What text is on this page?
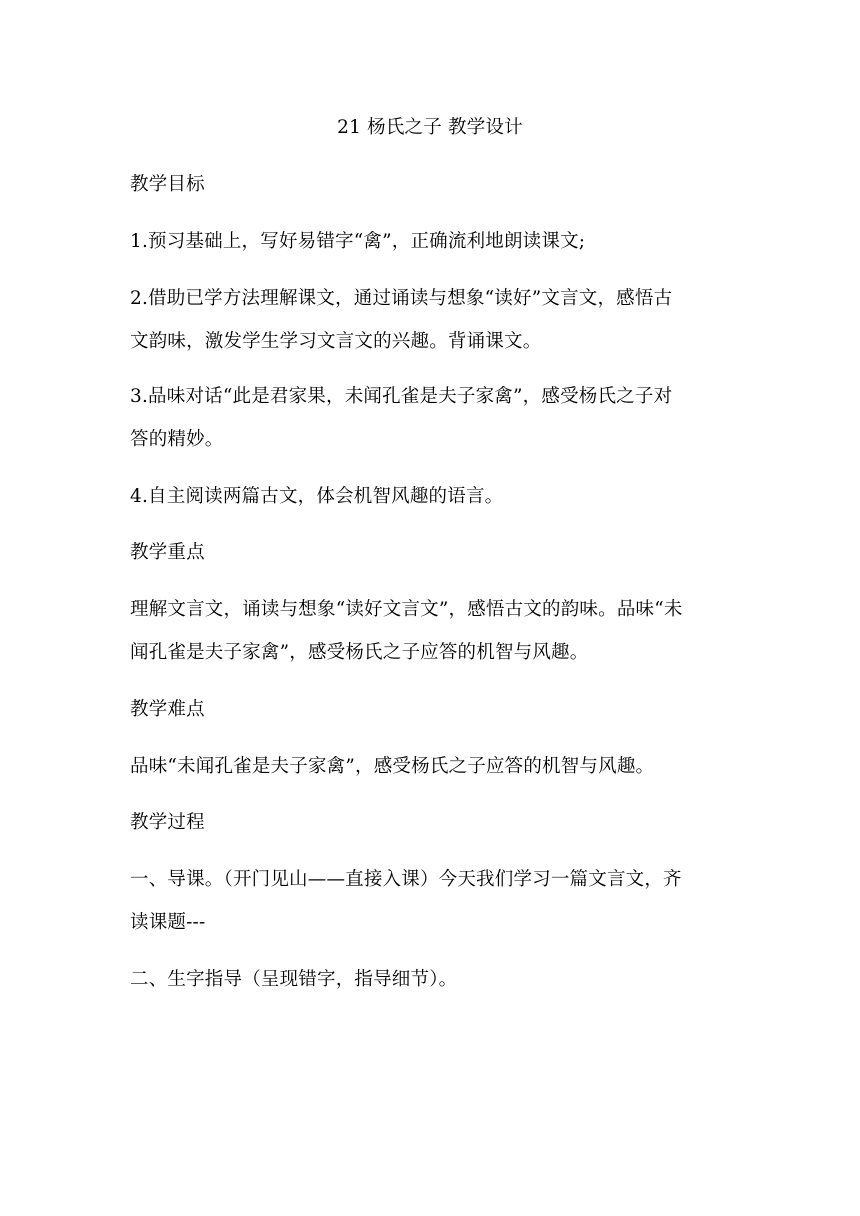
21 杨氏之子 教学设计

教学目标

1.预习基础上，写好易错字“禽”，正确流利地朗读课文;

2.借助已学方法理解课文，通过诵读与想象“读好”文言文，感悟古

文韵味，激发学生学习文言文的兴趣。背诵课文。

3.品味对话“此是君家果，未闻孔雀是夫子家禽”，感受杨氏之子对

答的精妙。

4.自主阅读两篇古文，体会机智风趣的语言。

教学重点

理解文言文，诵读与想象“读好文言文”，感悟古文的韵味。品味“未

闻孔雀是夫子家禽”，感受杨氏之子应答的机智与风趣。

教学难点

品味“未闻孔雀是夫子家禽”，感受杨氏之子应答的机智与风趣。

教学过程

一、导课。（开门见山——直接入课）今天我们学习一篇文言文，齐

读课题---

二、生字指导（呈现错字，指导细节）。
